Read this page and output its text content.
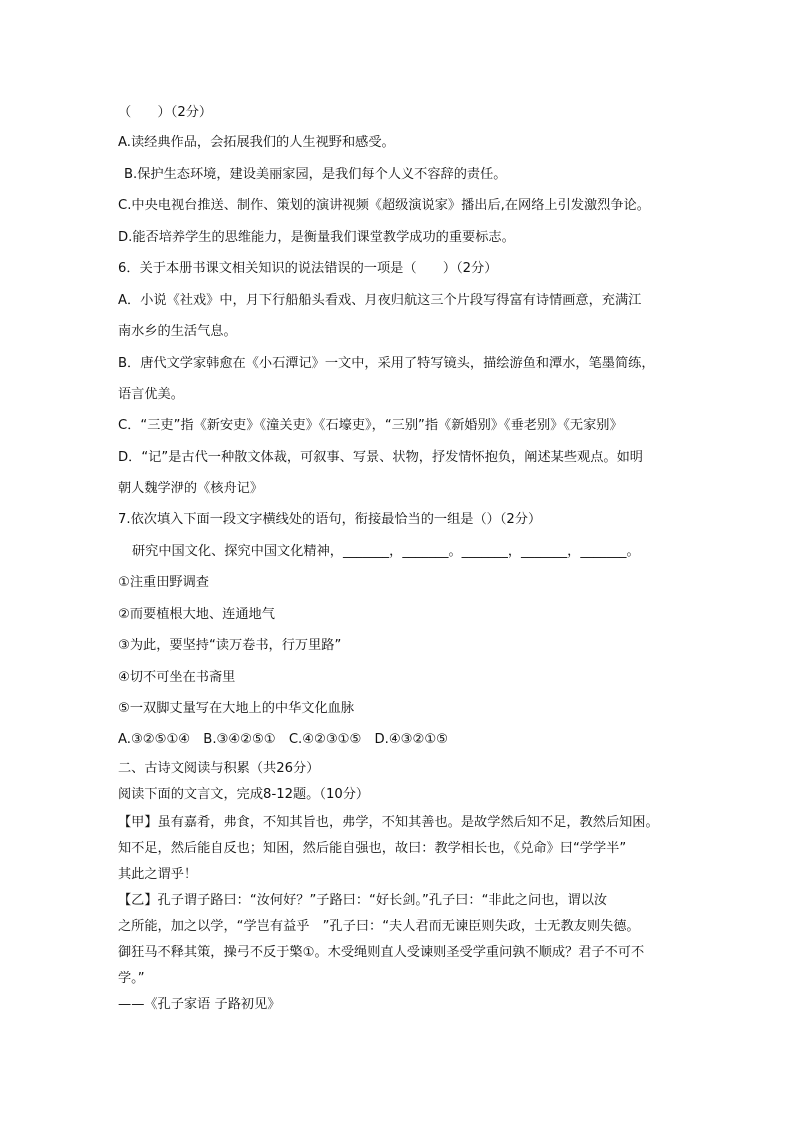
（　　）（2分）
A.读经典作品，会拓展我们的人生视野和感受。
B.保护生态环境，建设美丽家园，是我们每个人义不容辞的责任。
C.中央电视台推送、制作、策划的演讲视频《超级演说家》播出后,在网络上引发激烈争论。
D.能否培养学生的思维能力，是衡量我们课堂教学成功的重要标志。
6．关于本册书课文相关知识的说法错误的一项是（　　）（2分）
A．小说《社戏》中，月下行船船头看戏、月夜归航这三个片段写得富有诗情画意，充满江
南水乡的生活气息。
B．唐代文学家韩愈在《小石潭记》一文中，采用了特写镜头，描绘游鱼和潭水，笔墨简练，
语言优美。
C．“三吏”指《新安吏》《潼关吏》《石壕吏》，“三别”指《新婚别》《垂老别》《无家别》
D．“记”是古代一种散文体裁，可叙事、写景、状物，抒发情怀抱负，阐述某些观点。如明
朝人魏学洢的《核舟记》
7.依次填入下面一段文字横线处的语句，衔接最恰当的一组是（）（2分）
研究中国文化、探究中国文化精神，_______，_______。_______，_______，_______。
①注重田野调查
②而要植根大地、连通地气
③为此，要坚持“读万卷书，行万里路”
④切不可坐在书斋里
⑤一双脚丈量写在大地上的中华文化血脉
A.③②⑤①④　B.③④②⑤①　C.④②③①⑤　D.④③②①⑤
二、古诗文阅读与积累（共26分）
阅读下面的文言文，完成8-12题。（10分）
【甲】虽有嘉肴，弗食，不知其旨也，弗学，不知其善也。是故学然后知不足，教然后知困。
知不足，然后能自反也；知困，然后能自强也，故曰：教学相长也，《兑命》曰“学学半”
其此之谓乎！
【乙】孔子谓子路曰：“汝何好？”子路曰：“好长剑。”孔子曰：“非此之问也，谓以汝
之所能，加之以学，“学岂有益乎　”孔子曰：“夫人君而无谏臣则失政，士无教友则失德。
御狂马不释其策，操弓不反于檠①。木受绳则直人受谏则圣受学重问孰不顺成？君子不可不
学。”
——《孔子家语 子路初见》
